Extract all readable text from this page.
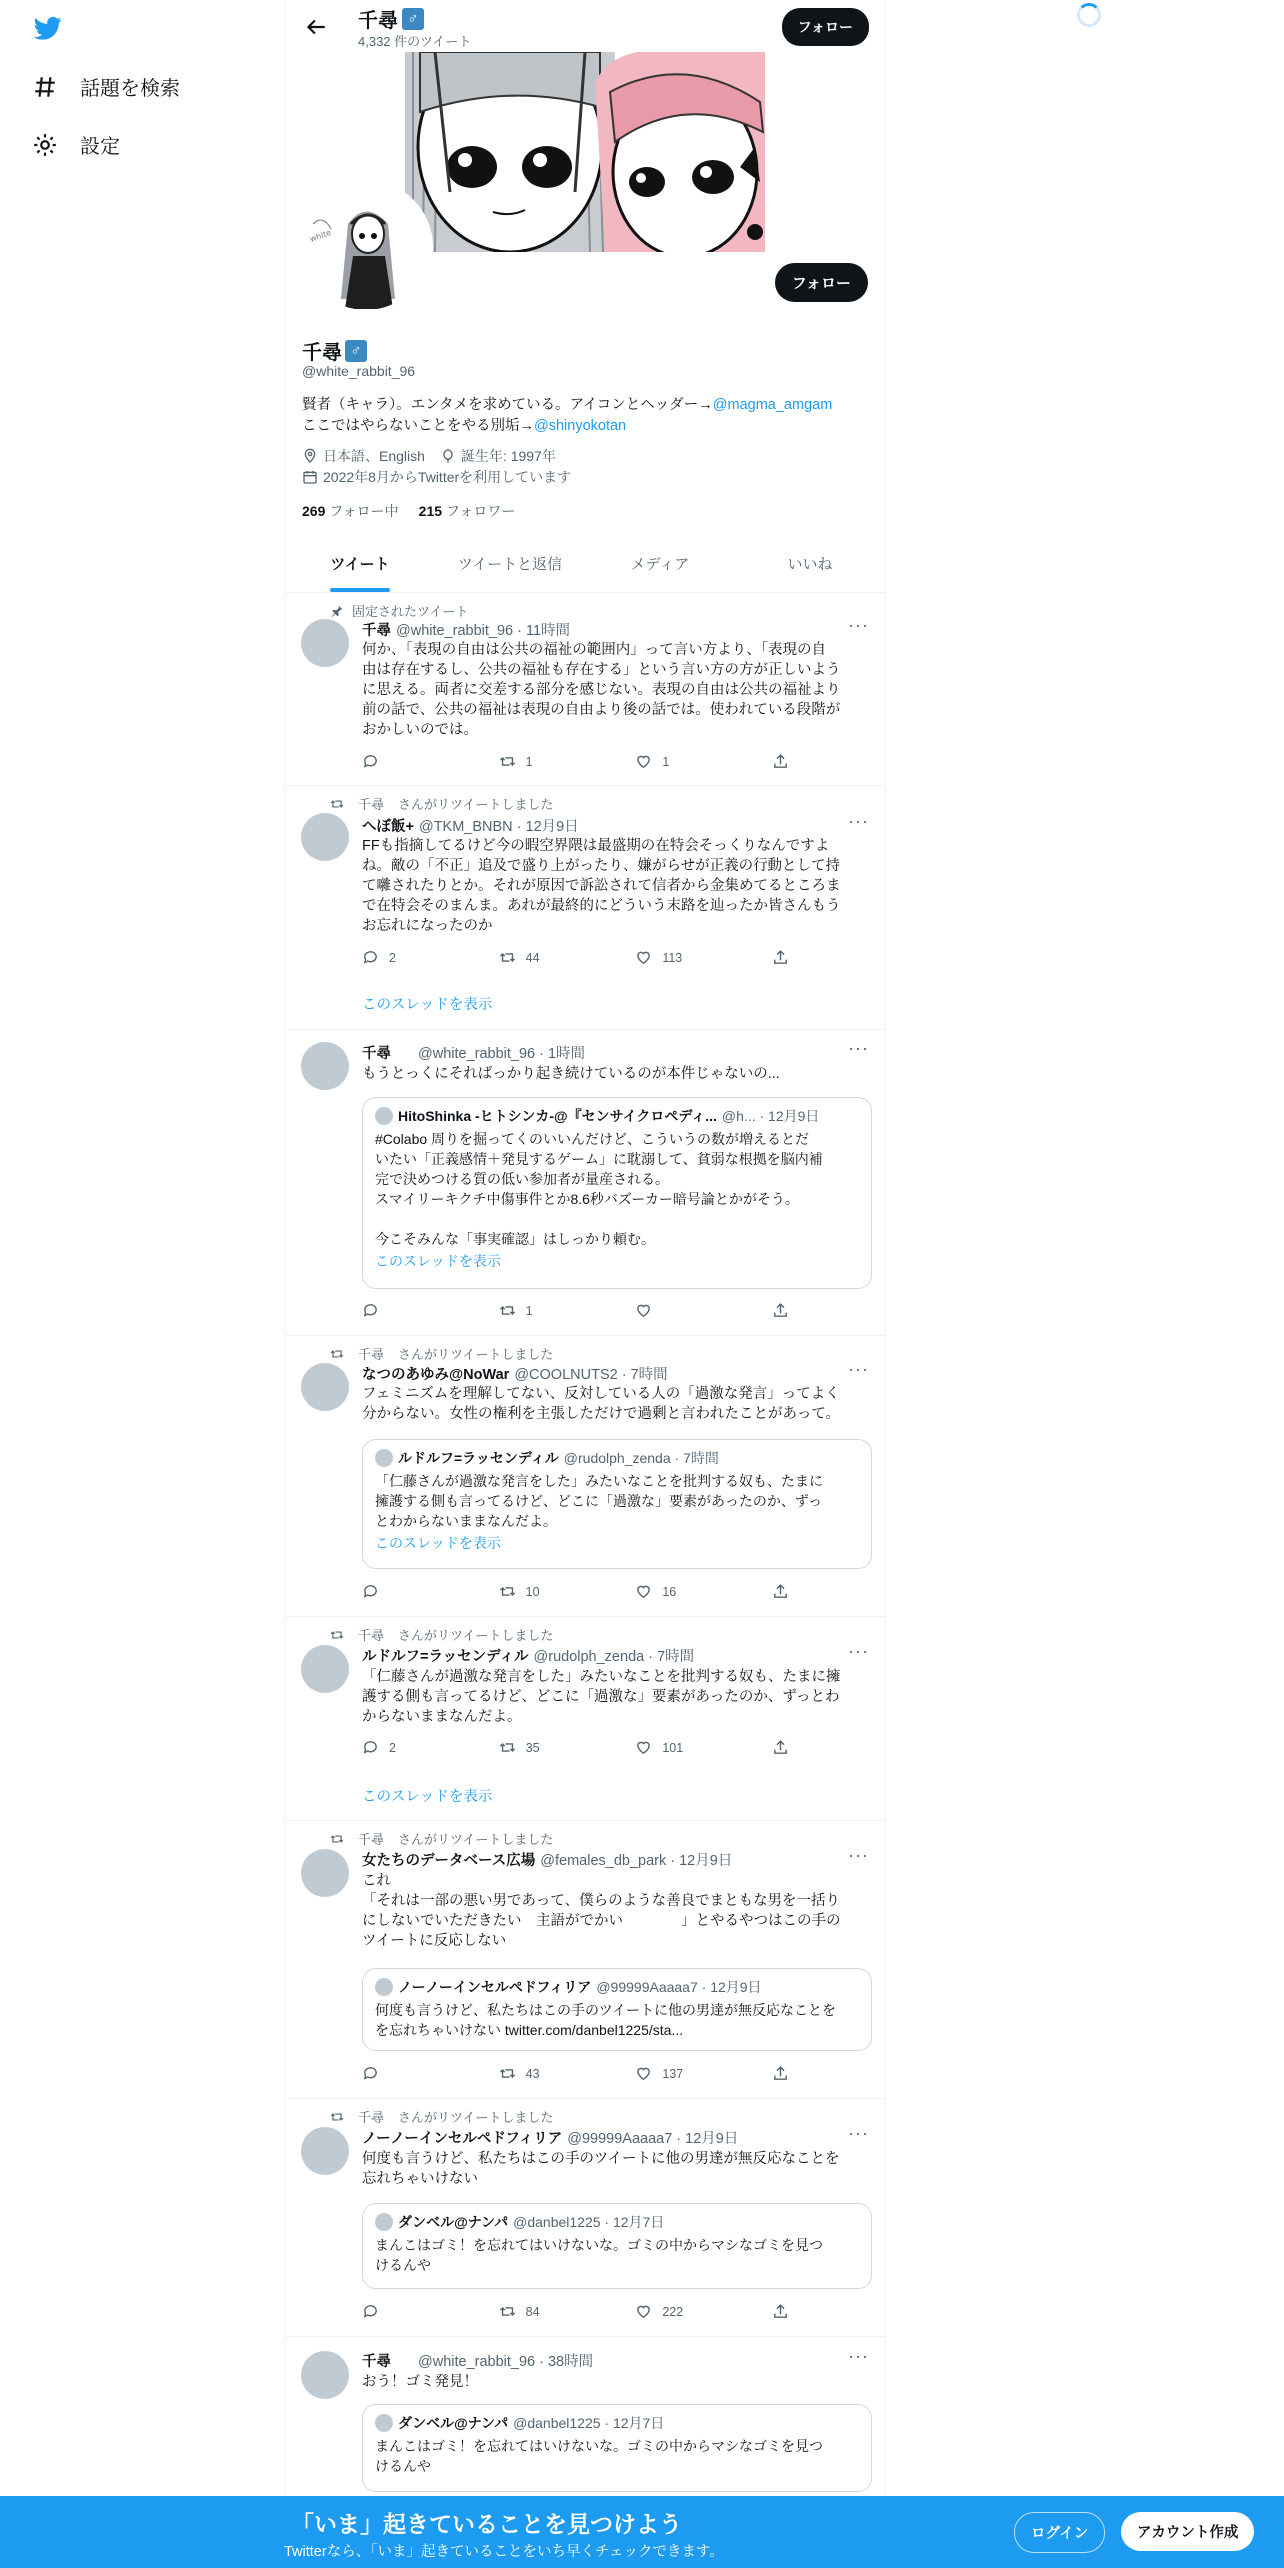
話題を検索
設定
千尋 ♂
4,332 件のツイート
フォロー
white
フォロー
千尋 ♂
@white_rabbit_96
賢者（キャラ）。エンタメを求めている。アイコンとヘッダー→@magma_amgam
ここではやらないことをやる別垢→@shinyokotan
日本語、English	誕生年: 1997年
2022年8月からTwitterを利用しています
269 フォロー中 215 フォロワー
ツイート	ツイートと返信	メディア	いいね
固定されたツイート
千尋 @white_rabbit_96 · 11時間	···
何か、「表現の自由は公共の福祉の範囲内」って言い方より、「表現の自
由は存在するし、公共の福祉も存在する」という言い方の方が正しいよう
に思える。両者に交差する部分を感じない。表現の自由は公共の福祉より
前の話で、公共の福祉は表現の自由より後の話では。使われている段階が
おかしいのでは。
1	1
千尋 さんがリツイートしました
へぼ飯+ @TKM_BNBN · 12月9日	···
FFも指摘してるけど今の暇空界隈は最盛期の在特会そっくりなんですよ
ね。敵の「不正」追及で盛り上がったり、嫌がらせが正義の行動として持
て囃されたりとか。それが原因で訴訟されて信者から金集めてるところま
で在特会そのまんま。あれが最終的にどういう末路を辿ったか皆さんもう
お忘れになったのか
2	44	113
このスレッドを表示
千尋 @white_rabbit_96 · 1時間	···
もうとっくにそればっかり起き続けているのが本件じゃないの...
HitoShinka -ヒトシンカ-@『センサイクロペディ... @h... · 12月9日
#Colabo 周りを掘ってくのいいんだけど、こういうの数が増えるとだ
いたい「正義感情＋発見するゲーム」に耽溺して、貧弱な根拠を脳内補
完で決めつける質の低い参加者が量産される。
スマイリーキクチ中傷事件とか8.6秒バズーカー暗号論とかがそう。

今こそみんな「事実確認」はしっかり頼む。
このスレッドを表示
1
千尋 さんがリツイートしました
なつのあゆみ@NoWar @COOLNUTS2 · 7時間	···
フェミニズムを理解してない、反対している人の「過激な発言」ってよく
分からない。女性の権利を主張しただけで過剰と言われたことがあって。
ルドルフ=ラッセンディル @rudolph_zenda · 7時間
「仁藤さんが過激な発言をした」みたいなことを批判する奴も、たまに
擁護する側も言ってるけど、どこに「過激な」要素があったのか、ずっ
とわからないままなんだよ。
このスレッドを表示
10	16
千尋 さんがリツイートしました
ルドルフ=ラッセンディル @rudolph_zenda · 7時間	···
「仁藤さんが過激な発言をした」みたいなことを批判する奴も、たまに擁
護する側も言ってるけど、どこに「過激な」要素があったのか、ずっとわ
からないままなんだよ。
2	35	101
このスレッドを表示
千尋 さんがリツイートしました
女たちのデータベース広場 @females_db_park · 12月9日	···
これ
「それは一部の悪い男であって、僕らのような善良でまともな男を一括り
にしないでいただきたい　主語がでかい　　　　」とやるやつはこの手の
ツイートに反応しない
ノーノーインセルペドフィリア @99999Aaaaa7 · 12月9日
何度も言うけど、私たちはこの手のツイートに他の男達が無反応なことを
を忘れちゃいけない twitter.com/danbel1225/sta...
43	137
千尋 さんがリツイートしました
ノーノーインセルペドフィリア @99999Aaaaa7 · 12月9日	···
何度も言うけど、私たちはこの手のツイートに他の男達が無反応なことを
忘れちゃいけない
ダンベル@ナンパ @danbel1225 · 12月7日
まんこはゴミ！を忘れてはいけないな。ゴミの中からマシなゴミを見つ
けるんや
84	222
千尋 @white_rabbit_96 · 38時間	···
おう！ゴミ発見！
ダンベル@ナンパ @danbel1225 · 12月7日
まんこはゴミ！を忘れてはいけないな。ゴミの中からマシなゴミを見つ
けるんや
「いま」起きていることを見つけよう
Twitterなら、「いま」起きていることをいち早くチェックできます。
ログイン	アカウント作成
